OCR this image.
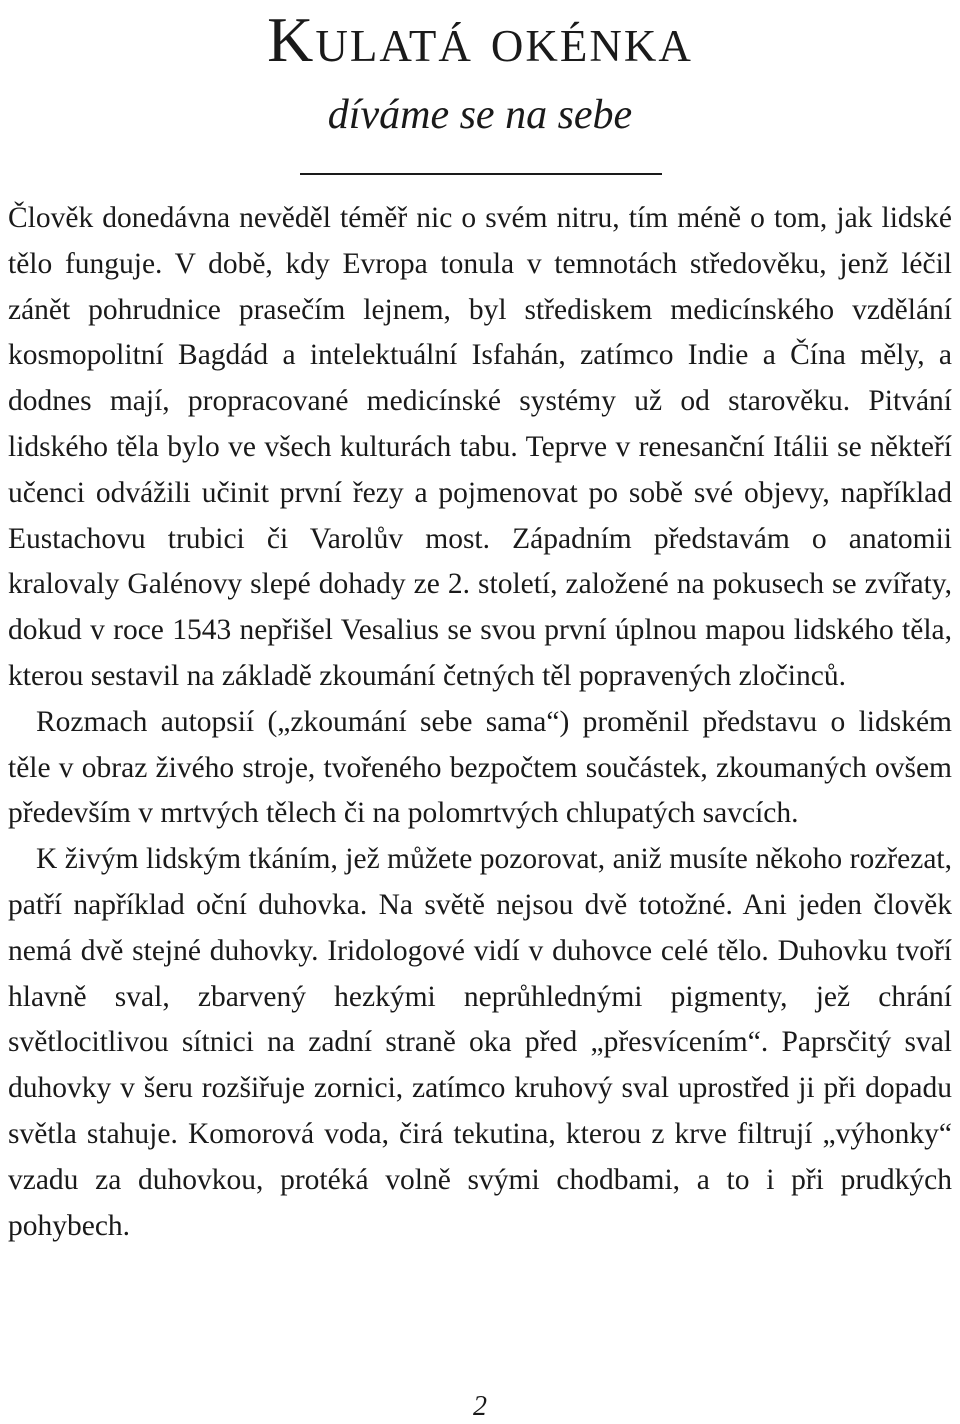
Kulatá okénka
díváme se na sebe

Člověk donedávna nevěděl téměř nic o svém nitru, tím méně o tom, jak lidské tělo funguje. V době, kdy Evropa tonula v temnotách středověku, jenž léčil zánět pohrudnice prasečím lejnem, byl střediskem medicínského vzdělání kosmopolitní Bagdád a intelektuální Isfahán, zatímco Indie a Čína měly, a dodnes mají, propracované medicínské systémy už od starověku. Pitvání lidského těla bylo ve všech kulturách tabu. Teprve v renesanční Itálii se někteří učenci odvážili učinit první řezy a pojmenovat po sobě své objevy, například Eustachovu trubici či Varolův most. Západním představám o anatomii kralovaly Galénovy slepé dohady ze 2. století, založené na pokusech se zvířaty, dokud v roce 1543 nepřišel Vesalius se svou první úplnou mapou lidského těla, kterou sestavil na základě zkoumání četných těl popravených zločinců.

Rozmach autopsií („zkoumání sebe sama“) proměnil představu o lidském těle v obraz živého stroje, tvořeného bezpočtem součástek, zkoumaných ovšem především v mrtvých tělech či na polomrtvých chlupatých savcích.

K živým lidským tkáním, jež můžete pozorovat, aniž musíte někoho rozřezat, patří například oční duhovka. Na světě nejsou dvě totožné. Ani jeden člověk nemá dvě stejné duhovky. Iridologové vidí v duhovce celé tělo. Duhovku tvoří hlavně sval, zbarvený hezkými neprůhlednými pigmenty, jež chrání světlocitlivou sítnici na zadní straně oka před „přesvícením“. Paprsčitý sval duhovky v šeru rozšiřuje zornici, zatímco kruhový sval uprostřed ji při dopadu světla stahuje. Komorová voda, čirá tekutina, kterou z krve filtrují „výhonky“ vzadu za duhovkou, protéká volně svými chodbami, a to i při prudkých pohybech.

2
